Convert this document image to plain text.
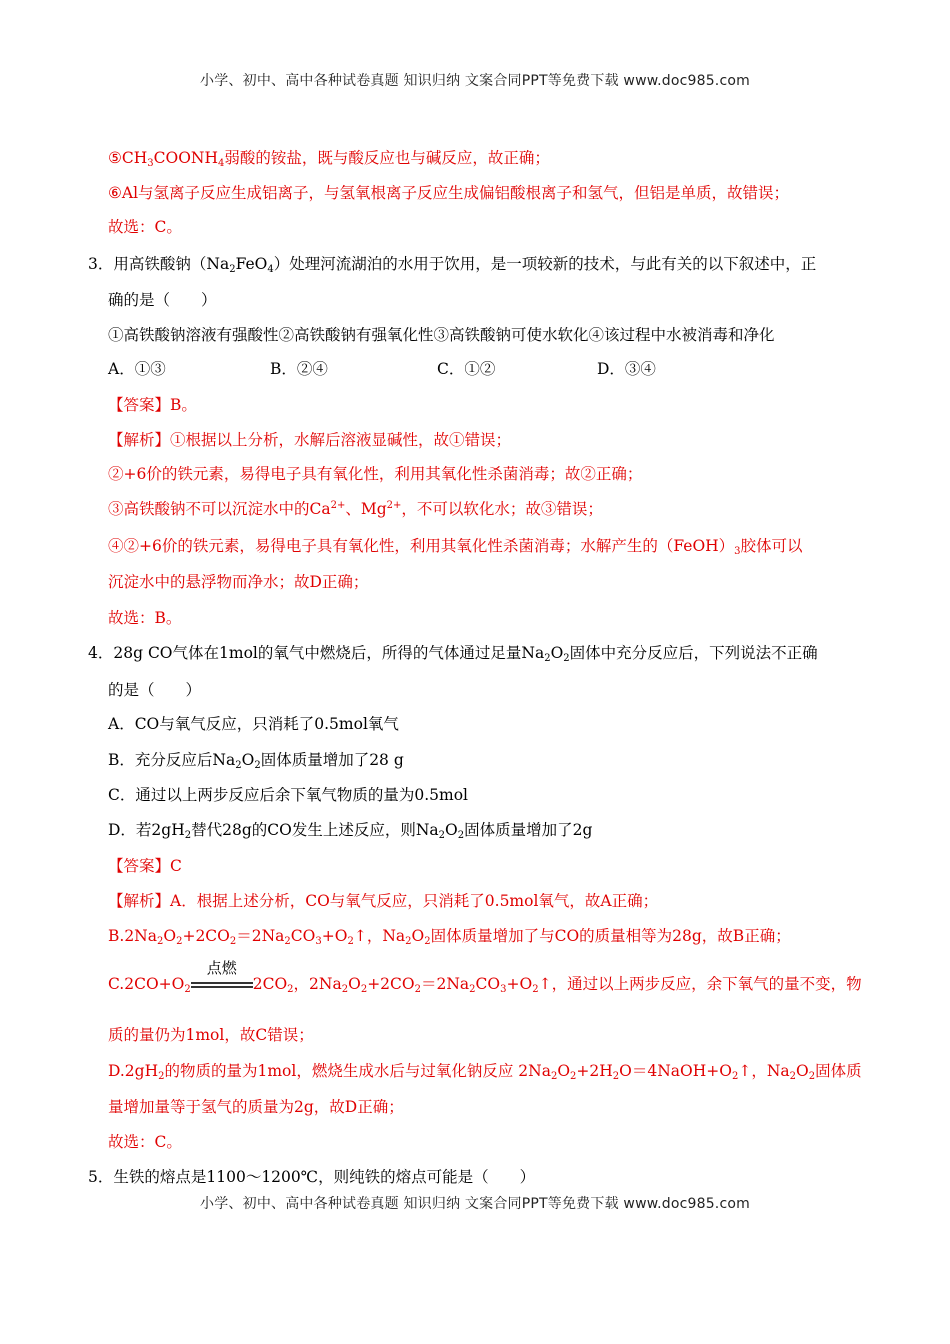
小学、初中、高中各种试卷真题 知识归纳 文案合同PPT等免费下载 www.doc985.com
$⑤CH_3COONH_4$弱酸的铵盐，既与酸反应也与碱反应，故正确；
⑥Al与氢离子反应生成铝离子，与氢氧根离子反应生成偏铝酸根离子和氢气，但铝是单质，故错误；
故选：C。
3．用高铁酸钠$(Na_2FeO_4)$处理河流湖泊的水用于饮用，是一项较新的技术，与此有关的以下叙述中，正
确的是（　　）
①高铁酸钠溶液有强酸性②高铁酸钠有强氧化性③高铁酸钠可使水软化④该过程中水被消毒和净化
A．①③	B．②④	C．①②	D．③④
【答案】B。
【解析】①根据以上分析，水解后溶液显碱性，故①错误；
②+6价的铁元素，易得电子具有氧化性，利用其氧化性杀菌消毒；故②正确；
③高铁酸钠不可以沉淀水中的$Ca^{2+}$、$Mg^{2+}$，不可以软化水；故③错误；
④②+6价的铁元素，易得电子具有氧化性，利用其氧化性杀菌消毒；水解产生的$(FeOH)_3$胶体可以
沉淀水中的悬浮物而净水；故D正确；
故选：B。
4．28g CO气体在1mol的氧气中燃烧后，所得的气体通过足量$Na_2O_2$固体中充分反应后，下列说法不正确
的是（　　）
A．CO与氧气反应，只消耗了0.5mol氧气
B．充分反应后$Na_2O_2$固体质量增加了28 g
C．通过以上两步反应后余下氧气物质的量为0.5mol
D．若$2gH_2$替代28g的CO发生上述反应，则$Na_2O_2$固体质量增加了2g
【答案】C
【解析】A．根据上述分析，CO与氧气反应，只消耗了0.5mol氧气，故A正确；
$B.2Na_2O_2+2CO_2=2Na_2CO_3+O_2↑$，$Na_2O_2$固体质量增加了与CO的质量相等为28g，故B正确；
$C.2CO+O_2$
点燃
$2CO_2$，$2Na_2O_2+2CO_2=2Na_2CO_3+O_2↑$，通过以上两步反应，余下氧气的量不变，物
质的量仍为1mol，故C错误；
$D.2gH_2$的物质的量为1mol，燃烧生成水后与过氧化钠反应 $2Na_2O_2+2H_2O=4NaOH+O_2↑$，$Na_2O_2$固体质
量增加量等于氢气的质量为2g，故D正确；
故选：C。
5．生铁的熔点是1100～1200℃，则纯铁的熔点可能是（　　）
小学、初中、高中各种试卷真题 知识归纳 文案合同PPT等免费下载 www.doc985.com
